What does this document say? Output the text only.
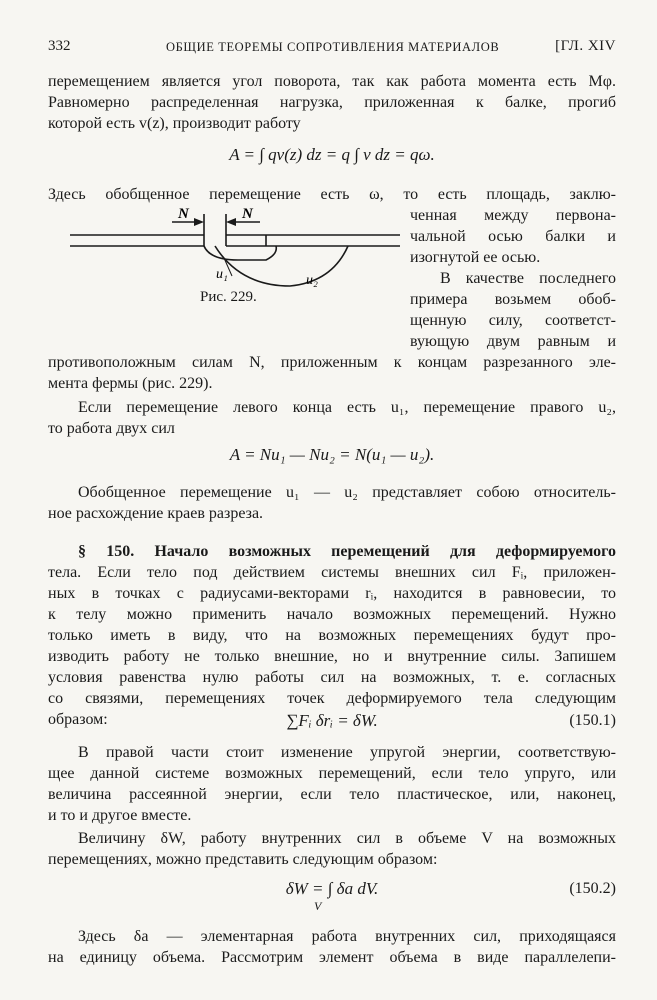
332	ОБЩИЕ ТЕОРЕМЫ СОПРОТИВЛЕНИЯ МАТЕРИАЛОВ	[ГЛ. XIV
перемещением является угол поворота, так как работа момента есть Mφ.
Равномерно распределенная нагрузка, приложенная к балке, прогиб
которой есть v(z), производит работу
A = ∫ qv(z) dz = q ∫ v dz = qω.
Здесь обобщенное перемещение есть ω, то есть площадь, заклю-
ченная между первона-
чальной осью балки и
изогнутой ее осью.
В качестве последнего
примера возьмем обоб-
щенную силу, соответст-
вующую двум равным и
противоположным силам N, приложенным к концам разрезанного эле-
мента фермы (рис. 229).
N	N
u₁	u₂
Рис. 229.
Если перемещение левого конца есть u₁, перемещение правого u₂,
то работа двух сил
A = Nu₁ — Nu₂ = N(u₁ — u₂).
Обобщенное перемещение u₁ — u₂ представляет собою относитель-
ное расхождение краев разреза.
§ 150. Начало возможных перемещений для деформируемого
тела. Если тело под действием системы внешних сил Fᵢ, приложен-
ных в точках с радиусами-векторами rᵢ, находится в равновесии, то
к телу можно применить начало возможных перемещений. Нужно
только иметь в виду, что на возможных перемещениях будут про-
изводить работу не только внешние, но и внутренние силы. Запишем
условия равенства нулю работы сил на возможных, т. е. согласных
со связями, перемещениях точек деформируемого тела следующим
образом:	∑Fᵢ δrᵢ = δW.	(150.1)
В правой части стоит изменение упругой энергии, соответствую-
щее данной системе возможных перемещений, если тело упруго, или
величина рассеянной энергии, если тело пластическое, или, наконец,
и то и другое вместе.
Величину δW, работу внутренних сил в объеме V на возможных
перемещениях, можно представить следующим образом:
δW = ∫ δa dV.
V
(150.2)
Здесь δa — элементарная работа внутренних сил, приходящаяся
на единицу объема. Рассмотрим элемент объема в виде параллелепи-
